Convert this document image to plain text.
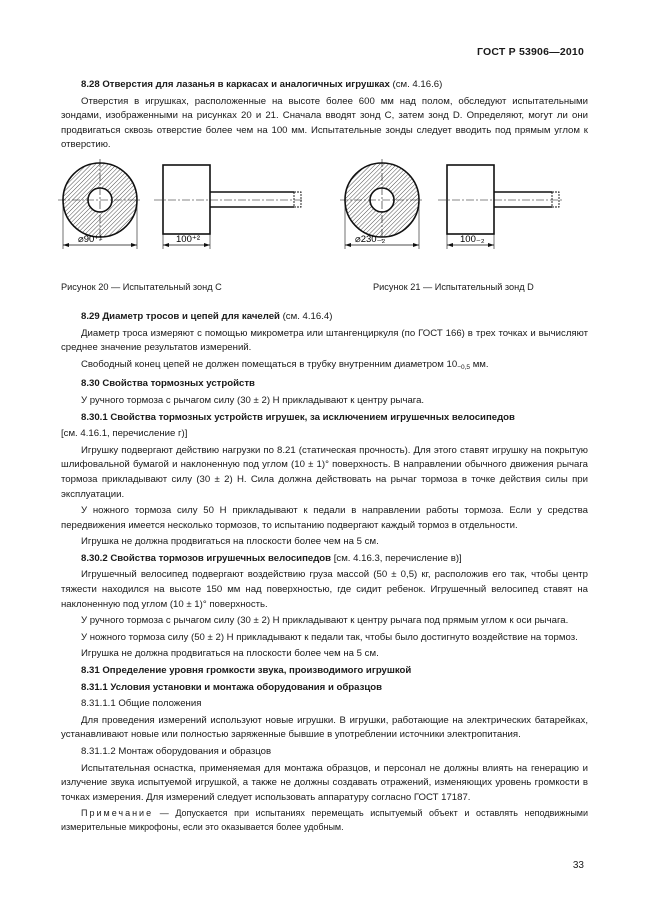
ГОСТ Р 53906—2010

8.28 Отверстия для лазанья в каркасах и аналогичных игрушках (см. 4.16.6)

Отверстия в игрушках, расположенные на высоте более 600 мм над полом, обследуют испытательными зондами, изображенными на рисунках 20 и 21. Сначала вводят зонд C, затем зонд D. Определяют, могут ли они продвигаться сквозь отверстие более чем на 100 мм. Испытательные зонды следует вводить под прямым углом к отверстию.

⌀90⁺¹	100⁺²	⌀230₋₂	100₋₂
Рисунок 20 — Испытательный зонд C	Рисунок 21 — Испытательный зонд D

8.29 Диаметр тросов и цепей для качелей (см. 4.16.4)

Диаметр троса измеряют с помощью микрометра или штангенциркуля (по ГОСТ 166) в трех точках и вычисляют среднее значение результатов измерений.

Свободный конец цепей не должен помещаться в трубку внутренним диаметром $10_{-0,5}$ мм.

8.30 Свойства тормозных устройств

У ручного тормоза с рычагом силу (30 ± 2) Н прикладывают к центру рычага.

8.30.1 Свойства тормозных устройств игрушек, за исключением игрушечных велосипедов

[см. 4.16.1, перечисление г)]

Игрушку подвергают действию нагрузки по 8.21 (статическая прочность). Для этого ставят игрушку на покрытую шлифовальной бумагой и наклоненную под углом (10 ± 1)° поверхность. В направлении обычного движения рычага тормоза прикладывают силу (30 ± 2) Н. Сила должна действовать на рычаг тормоза в точке действия силы при эксплуатации.

У ножного тормоза силу 50 Н прикладывают к педали в направлении работы тормоза. Если у средства передвижения имеется несколько тормозов, то испытанию подвергают каждый тормоз в отдельности.

Игрушка не должна продвигаться на плоскости более чем на 5 см.

8.30.2 Свойства тормозов игрушечных велосипедов [см. 4.16.3, перечисление в)]

Игрушечный велосипед подвергают воздействию груза массой (50 ± 0,5) кг, расположив его так, чтобы центр тяжести находился на высоте 150 мм над поверхностью, где сидит ребенок. Игрушечный велосипед ставят на наклоненную под углом (10 ± 1)° поверхность.

У ручного тормоза с рычагом силу (30 ± 2) Н прикладывают к центру рычага под прямым углом к оси рычага.

У ножного тормоза силу (50 ± 2) Н прикладывают к педали так, чтобы было достигнуто воздействие на тормоз.

Игрушка не должна продвигаться на плоскости более чем на 5 см.

8.31 Определение уровня громкости звука, производимого игрушкой

8.31.1 Условия установки и монтажа оборудования и образцов

8.31.1.1 Общие положения

Для проведения измерений используют новые игрушки. В игрушки, работающие на электрических батарейках, устанавливают новые или полностью заряженные бывшие в употреблении источники электропитания.

8.31.1.2 Монтаж оборудования и образцов

Испытательная оснастка, применяемая для монтажа образцов, и персонал не должны влиять на генерацию и излучение звука испытуемой игрушкой, а также не должны создавать отражений, изменяющих уровень громкости в точках измерения. Для измерений следует использовать аппаратуру согласно ГОСТ 17187.

Примечание — Допускается при испытаниях перемещать испытуемый объект и оставлять неподвижными измерительные микрофоны, если это оказывается более удобным.

33
